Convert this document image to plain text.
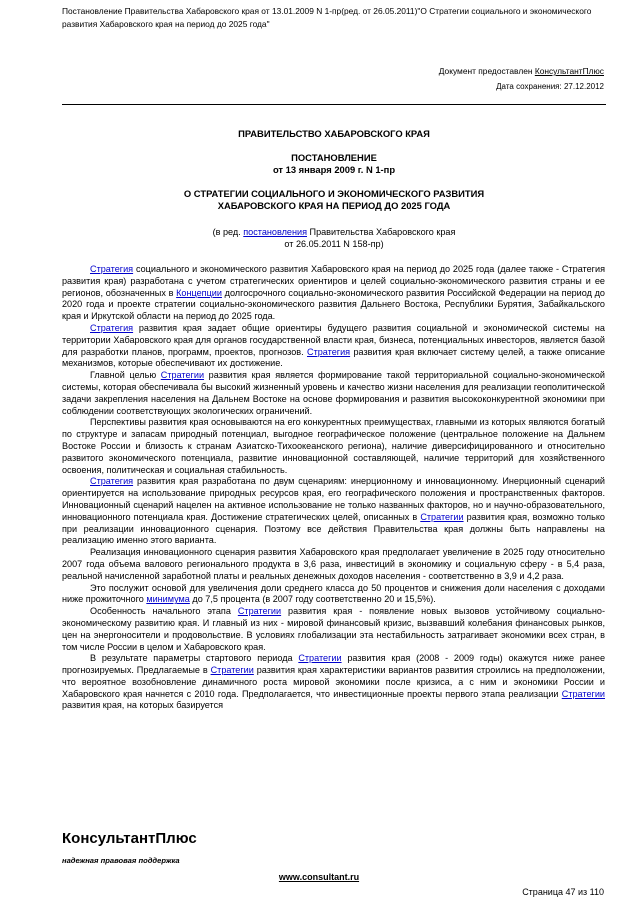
Постановление Правительства Хабаровского края от 13.01.2009 N 1-пр(ред. от 26.05.2011)"О Стратегии социального и экономического
развития Хабаровского края на период до 2025 года"
Документ предоставлен КонсультантПлюс
Дата сохранения: 27.12.2012
ПРАВИТЕЛЬСТВО ХАБАРОВСКОГО КРАЯ
ПОСТАНОВЛЕНИЕ
от 13 января 2009 г. N 1-пр
О СТРАТЕГИИ СОЦИАЛЬНОГО И ЭКОНОМИЧЕСКОГО РАЗВИТИЯ
ХАБАРОВСКОГО КРАЯ НА ПЕРИОД ДО 2025 ГОДА
(в ред. постановления Правительства Хабаровского края
от 26.05.2011 N 158-пр)

Стратегия социального и экономического развития Хабаровского края на период до 2025 года (далее также - Стратегия развития края) разработана с учетом стратегических ориентиров и целей социально-экономического развития страны и ее регионов, обозначенных в Концепции долгосрочного социально-экономического развития Российской Федерации на период до 2020 года и проекте стратегии социально-экономического развития Дальнего Востока, Республики Бурятия, Забайкальского края и Иркутской области на период до 2025 года.

Стратегия развития края задает общие ориентиры будущего развития социальной и экономической системы на территории Хабаровского края для органов государственной власти края, бизнеса, потенциальных инвесторов, является базой для разработки планов, программ, проектов, прогнозов. Стратегия развития края включает систему целей, а также описание механизмов, которые обеспечивают их достижение.

Главной целью Стратегии развития края является формирование такой территориальной социально-экономической системы, которая обеспечивала бы высокий жизненный уровень и качество жизни населения для реализации геополитической задачи закрепления населения на Дальнем Востоке на основе формирования и развития высококонкурентной экономики при соблюдении соответствующих экологических ограничений.

Перспективы развития края основываются на его конкурентных преимуществах, главными из которых являются богатый по структуре и запасам природный потенциал, выгодное географическое положение (центральное положение на Дальнем Востоке России и близость к странам Азиатско-Тихоокеанского региона), наличие диверсифицированного и относительно развитого экономического потенциала, развитие инновационной составляющей, наличие территорий для хозяйственного освоения, политическая и социальная стабильность.

Стратегия развития края разработана по двум сценариям: инерционному и инновационному. Инерционный сценарий ориентируется на использование природных ресурсов края, его географического положения и пространственных факторов. Инновационный сценарий нацелен на активное использование не только названных факторов, но и научно-образовательного, инновационного потенциала края. Достижение стратегических целей, описанных в Стратегии развития края, возможно только при реализации инновационного сценария. Поэтому все действия Правительства края должны быть направлены на реализацию именно этого варианта.

Реализация инновационного сценария развития Хабаровского края предполагает увеличение в 2025 году относительно 2007 года объема валового регионального продукта в 3,6 раза, инвестиций в экономику и социальную сферу - в 5,4 раза, реальной начисленной заработной платы и реальных денежных доходов населения - соответственно в 3,9 и 4,2 раза.

Это послужит основой для увеличения доли среднего класса до 50 процентов и снижения доли населения с доходами ниже прожиточного минимума до 7,5 процента (в 2007 году соответственно 20 и 15,5%).

Особенность начального этапа Стратегии развития края - появление новых вызовов устойчивому социально-экономическому развитию края. И главный из них - мировой финансовый кризис, вызвавший колебания финансовых рынков, цен на энергоносители и продовольствие. В условиях глобализации эта нестабильность затрагивает экономики всех стран, в том числе России в целом и Хабаровского края.

В результате параметры стартового периода Стратегии развития края (2008 - 2009 годы) окажутся ниже ранее прогнозируемых. Предлагаемые в Стратегии развития края характеристики вариантов развития строились на предположении, что вероятное возобновление динамичного роста мировой экономики после кризиса, а с ним и экономики России и Хабаровского края начнется с 2010 года. Предполагается, что инвестиционные проекты первого этапа реализации Стратегии развития края, на которых базируется

КонсультантПлюс
надежная правовая поддержка
www.consultant.ru
Страница 47 из 110
